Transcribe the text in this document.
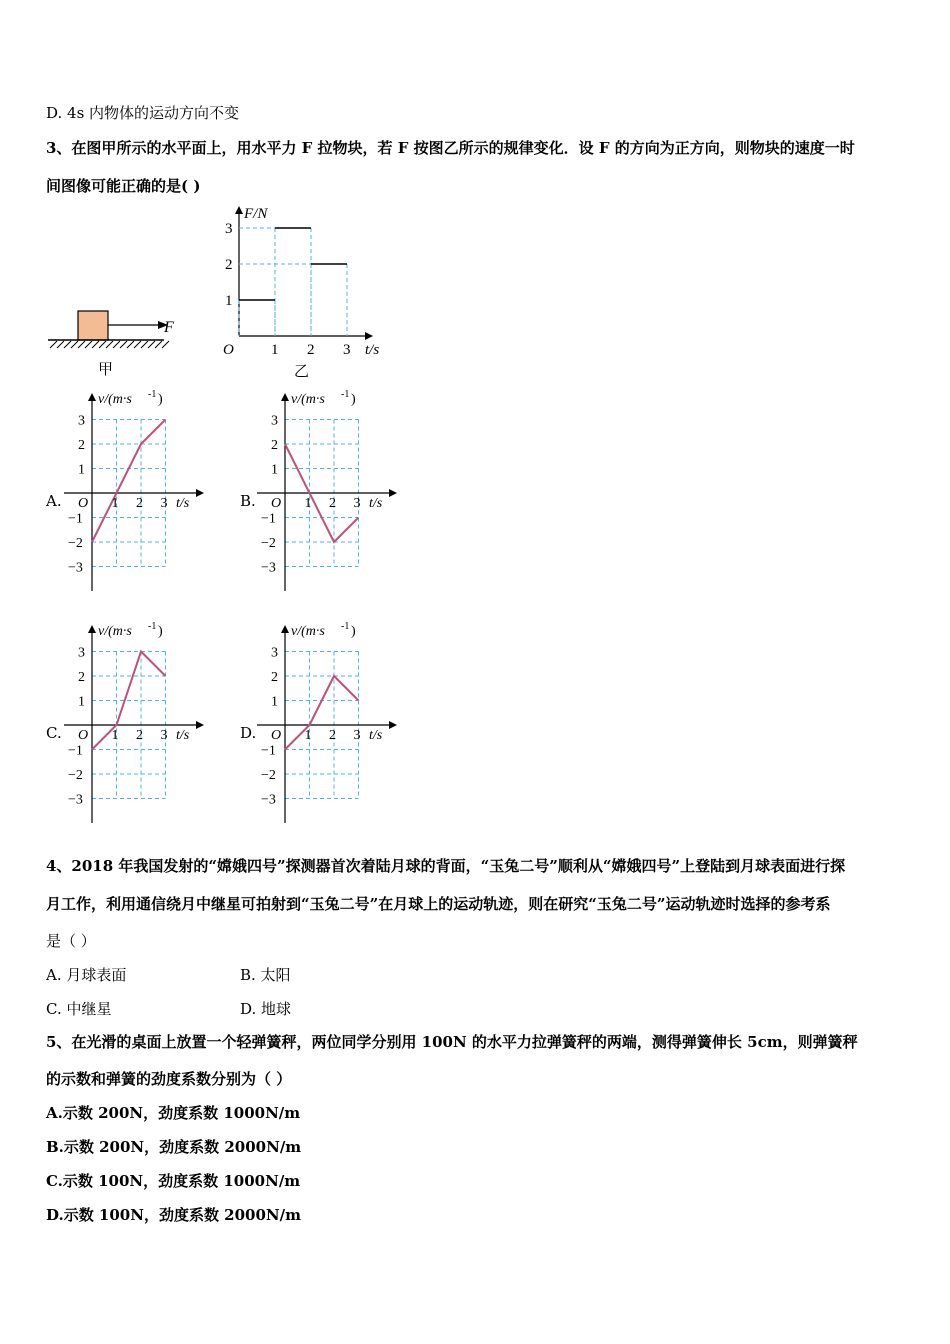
D. 4s 内物体的运动方向不变
3、在图甲所示的水平面上，用水平力 F 拉物块，若 F 按图乙所示的规律变化．设 F 的方向为正方向，则物块的速度一时
间图像可能正确的是( )
F
甲
1 2 3
1
2
3
O
F/N
t/s
乙
A.	B.
C.	D.
1 2 3
3
2
1
−1
−2
−3
O	t/s
v/(m·s -1 )
1 2 3
3
2
1
−1
−2
−3
O	t/s
v/(m·s -1 )
1 2 3
3
2
1
−1
−2
−3
O	t/s
v/(m·s -1 )
1 2 3
3
2
1
−1
−2
−3
O	t/s
v/(m·s -1 )
4、2018 年我国发射的“嫦娥四号”探测器首次着陆月球的背面，“玉兔二号”顺利从“嫦娥四号”上登陆到月球表面进行探
月工作，利用通信绕月中继星可拍射到“玉兔二号”在月球上的运动轨迹，则在研究“玉兔二号”运动轨迹时选择的参考系
是（ ）
A. 月球表面	B. 太阳
C. 中继星	D. 地球
5、在光滑的桌面上放置一个轻弹簧秤，两位同学分别用 100N 的水平力拉弹簧秤的两端，测得弹簧伸长 5cm，则弹簧秤
的示数和弹簧的劲度系数分别为（ ）
A.示数 200N，劲度系数 1000N/m
B.示数 200N，劲度系数 2000N/m
C.示数 100N，劲度系数 1000N/m
D.示数 100N，劲度系数 2000N/m
